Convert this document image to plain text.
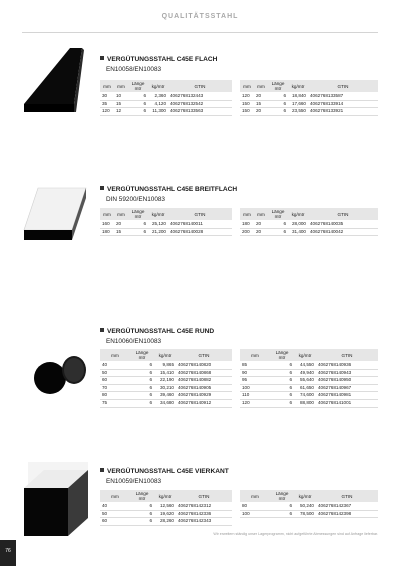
QUALITÄTSSTAHL
VERGÜTUNGSSTAHL C45E FLACH
EN10058/EN10083
mm	mm	Länge mtr	kg/mtr	GTIN
30	10	6	2,360	4062768132443
35	15	6	4,120	4062768132542
120	12	6	11,300	4062768133563
mm	mm	Länge mtr	kg/mtr	GTIN
120	20	6	18,840	4062768133587
150	15	6	17,660	4062768133914
150	20	6	23,550	4062768133921
VERGÜTUNGSSTAHL C45E BREITFLACH
DIN 59200/EN10083
mm	mm	Länge mtr	kg/mtr	GTIN
160	20	6	25,120	4062768140011
180	15	6	21,200	4062768140028
mm	mm	Länge mtr	kg/mtr	GTIN
180	20	6	28,000	4062768140035
200	20	6	31,400	4062768140042
VERGÜTUNGSSTAHL C45E RUND
EN10060/EN10083
mm	Länge mtr	kg/mtr	GTIN
40	6	9,865	4062768140820
50	6	15,410	4062768140868
60	6	22,190	4062768140882
70	6	30,210	4062768140905
80	6	39,460	4062768140929
75	6	34,680	4062768140912
mm	Länge mtr	kg/mtr	GTIN
85	6	44,550	4062768140936
90	6	49,940	4062768140943
95	6	55,640	4062768140950
100	6	61,650	4062768140967
110	6	74,600	4062768140981
120	6	88,800	4062768141001
VERGÜTUNGSSTAHL C45E VIERKANT
EN10059/EN10083
mm	Länge mtr	kg/mtr	GTIN
40	6	12,560	4062768142312
50	6	19,620	4062768142336
60	6	28,260	4062768142343
mm	Länge mtr	kg/mtr	GTIN
80	6	50,240	4062768142367
100	6	78,500	4062768142398
Wir erweitern ständig unser Lagerprogramm, nicht aufgeführte Abmessungen sind auf Anfrage lieferbar.
76
